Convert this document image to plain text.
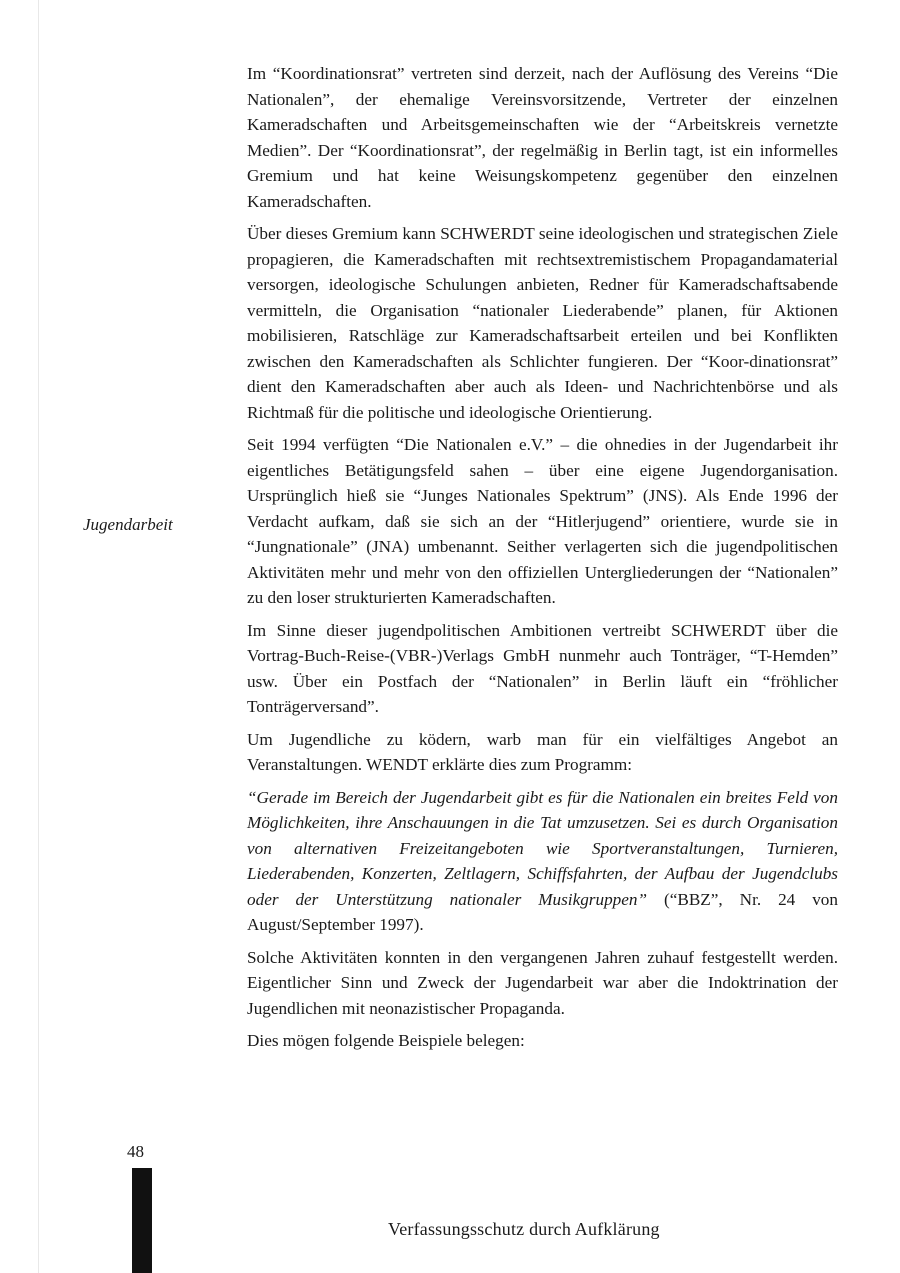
Jugendarbeit

Im “Koordinationsrat” vertreten sind derzeit, nach der Auflösung des Vereins “Die Nationalen”, der ehemalige Vereinsvorsitzende, Vertreter der einzelnen Kameradschaften und Arbeitsgemeinschaften wie der “Arbeitskreis vernetzte Medien”. Der “Koordinationsrat”, der regelmäßig in Berlin tagt, ist ein informelles Gremium und hat keine Weisungskompetenz gegenüber den einzelnen Kameradschaften.

Über dieses Gremium kann SCHWERDT seine ideologischen und strategischen Ziele propagieren, die Kameradschaften mit rechtsextremistischem Propagandamaterial versorgen, ideologische Schulungen anbieten, Redner für Kameradschaftsabende vermitteln, die Organisation “nationaler Liederabende” planen, für Aktionen mobilisieren, Ratschläge zur Kameradschaftsarbeit erteilen und bei Konflikten zwischen den Kameradschaften als Schlichter fungieren. Der “Koor-dinationsrat” dient den Kameradschaften aber auch als Ideen- und Nachrichtenbörse und als Richtmaß für die politische und ideologische Orientierung.

Seit 1994 verfügten “Die Nationalen e.V.” – die ohnedies in der Jugendarbeit ihr eigentliches Betätigungsfeld sahen – über eine eigene Jugendorganisation. Ursprünglich hieß sie “Junges Nationales Spektrum” (JNS). Als Ende 1996 der Verdacht aufkam, daß sie sich an der “Hitlerjugend” orientiere, wurde sie in “Jungnationale” (JNA) umbenannt. Seither verlagerten sich die jugendpolitischen Aktivitäten mehr und mehr von den offiziellen Untergliederungen der “Nationalen” zu den loser strukturierten Kameradschaften.

Im Sinne dieser jugendpolitischen Ambitionen vertreibt SCHWERDT über die Vortrag-Buch-Reise-(VBR-)Verlags GmbH nunmehr auch Tonträger, “T-Hemden” usw. Über ein Postfach der “Nationalen” in Berlin läuft ein “fröhlicher Tonträgerversand”.

Um Jugendliche zu ködern, warb man für ein vielfältiges Angebot an Veranstaltungen. WENDT erklärte dies zum Programm:

“Gerade im Bereich der Jugendarbeit gibt es für die Nationalen ein breites Feld von Möglichkeiten, ihre Anschauungen in die Tat umzusetzen. Sei es durch Organisation von alternativen Freizeitangeboten wie Sportveranstaltungen, Turnieren, Liederabenden, Konzerten, Zeltlagern, Schiffsfahrten, der Aufbau der Jugendclubs oder der Unterstützung nationaler Musikgruppen” (“BBZ”, Nr. 24 von August/September 1997).

Solche Aktivitäten konnten in den vergangenen Jahren zuhauf festgestellt werden. Eigentlicher Sinn und Zweck der Jugendarbeit war aber die Indoktrination der Jugendlichen mit neonazistischer Propaganda.

Dies mögen folgende Beispiele belegen:

48
Verfassungsschutz durch Aufklärung
